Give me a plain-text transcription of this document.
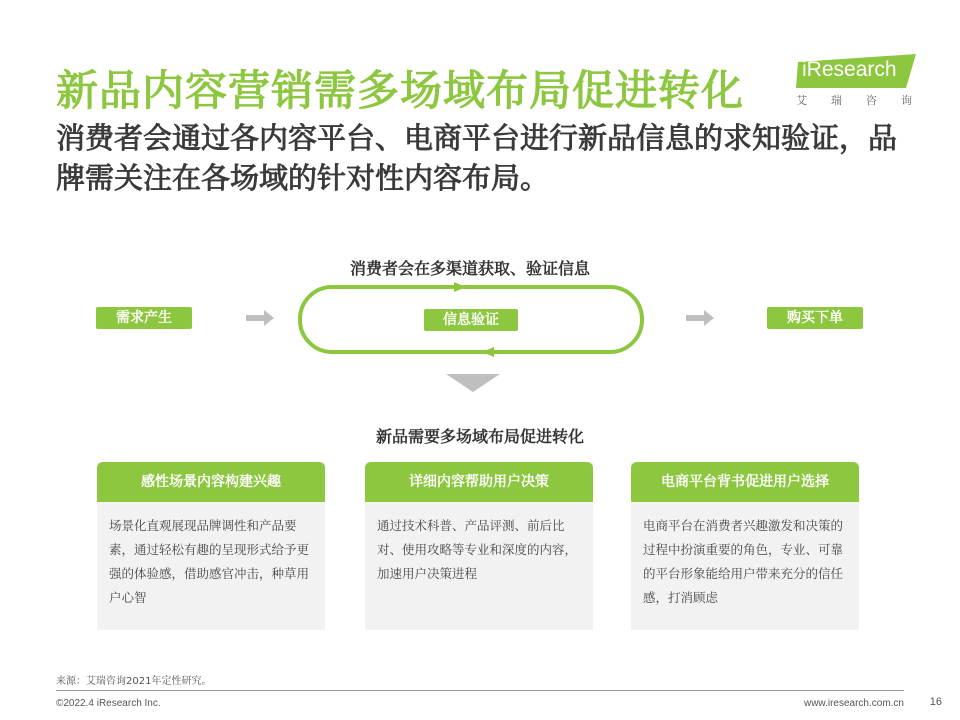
新品内容营销需多场域布局促进转化
消费者会通过各内容平台、电商平台进行新品信息的求知验证，品牌需关注在各场域的针对性内容布局。
iResearch
艾 瑞 咨 询
消费者会在多渠道获取、验证信息
需求产生	信息验证	购买下单
新品需要多场域布局促进转化
感性场景内容构建兴趣
场景化直观展现品牌调性和产品要素，通过轻松有趣的呈现形式给予更强的体验感，借助感官冲击，种草用户心智
详细内容帮助用户决策
通过技术科普、产品评测、前后比对、使用攻略等专业和深度的内容，加速用户决策进程
电商平台背书促进用户选择
电商平台在消费者兴趣激发和决策的过程中扮演重要的角色，专业、可靠的平台形象能给用户带来充分的信任感，打消顾虑
来源：艾瑞咨询2021年定性研究。
©2022.4 iResearch Inc.	www.iresearch.com.cn 16
